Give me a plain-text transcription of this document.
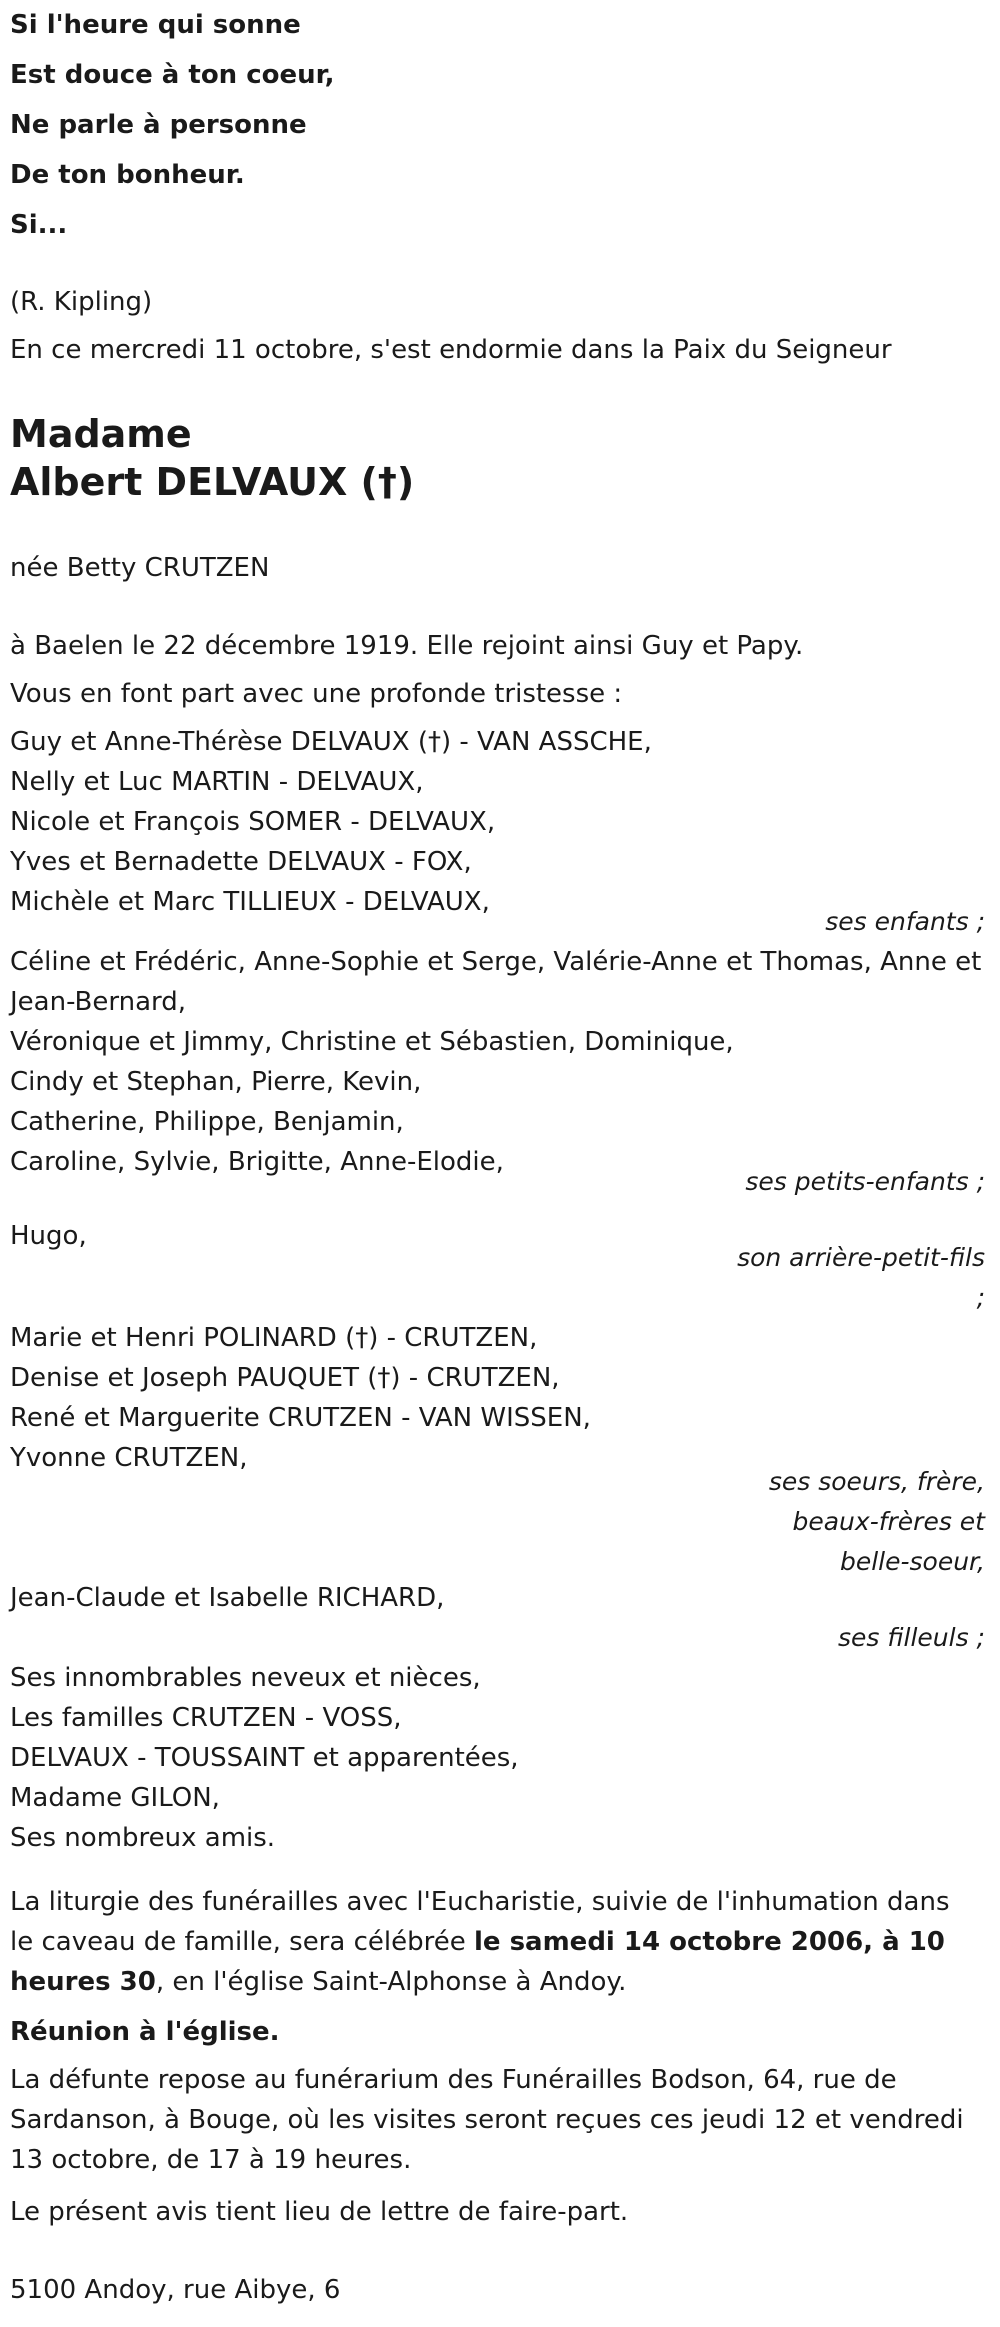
Si l'heure qui sonne
Est douce à ton coeur,
Ne parle à personne
De ton bonheur.
Si...
(R. Kipling)
En ce mercredi 11 octobre, s'est endormie dans la Paix du Seigneur
Madame
Albert DELVAUX (†)
née Betty CRUTZEN
à Baelen le 22 décembre 1919. Elle rejoint ainsi Guy et Papy.
Vous en font part avec une profonde tristesse :
Guy et Anne-Thérèse DELVAUX (†) - VAN ASSCHE,
Nelly et Luc MARTIN - DELVAUX,
Nicole et François SOMER - DELVAUX,
Yves et Bernadette DELVAUX - FOX,
Michèle et Marc TILLIEUX - DELVAUX,
ses enfants ;
Céline et Frédéric, Anne-Sophie et Serge, Valérie-Anne et Thomas, Anne et Jean-Bernard,
Véronique et Jimmy, Christine et Sébastien, Dominique,
Cindy et Stephan, Pierre, Kevin,
Catherine, Philippe, Benjamin,
Caroline, Sylvie, Brigitte, Anne-Elodie,
ses petits-enfants ;
Hugo,
son arrière-petit-fils
;
Marie et Henri POLINARD (†) - CRUTZEN,
Denise et Joseph PAUQUET (†) - CRUTZEN,
René et Marguerite CRUTZEN - VAN WISSEN,
Yvonne CRUTZEN,
ses soeurs, frère,
beaux-frères et
belle-soeur,
Jean-Claude et Isabelle RICHARD,
ses filleuls ;
Ses innombrables neveux et nièces,
Les familles CRUTZEN - VOSS,
DELVAUX - TOUSSAINT et apparentées,
Madame GILON,
Ses nombreux amis.
La liturgie des funérailles avec l'Eucharistie, suivie de l'inhumation dans
le caveau de famille, sera célébrée le samedi 14 octobre 2006, à 10
heures 30, en l'église Saint-Alphonse à Andoy.
Réunion à l'église.
La défunte repose au funérarium des Funérailles Bodson, 64, rue de
Sardanson, à Bouge, où les visites seront reçues ces jeudi 12 et vendredi
13 octobre, de 17 à 19 heures.
Le présent avis tient lieu de lettre de faire-part.
5100 Andoy, rue Aibye, 6
